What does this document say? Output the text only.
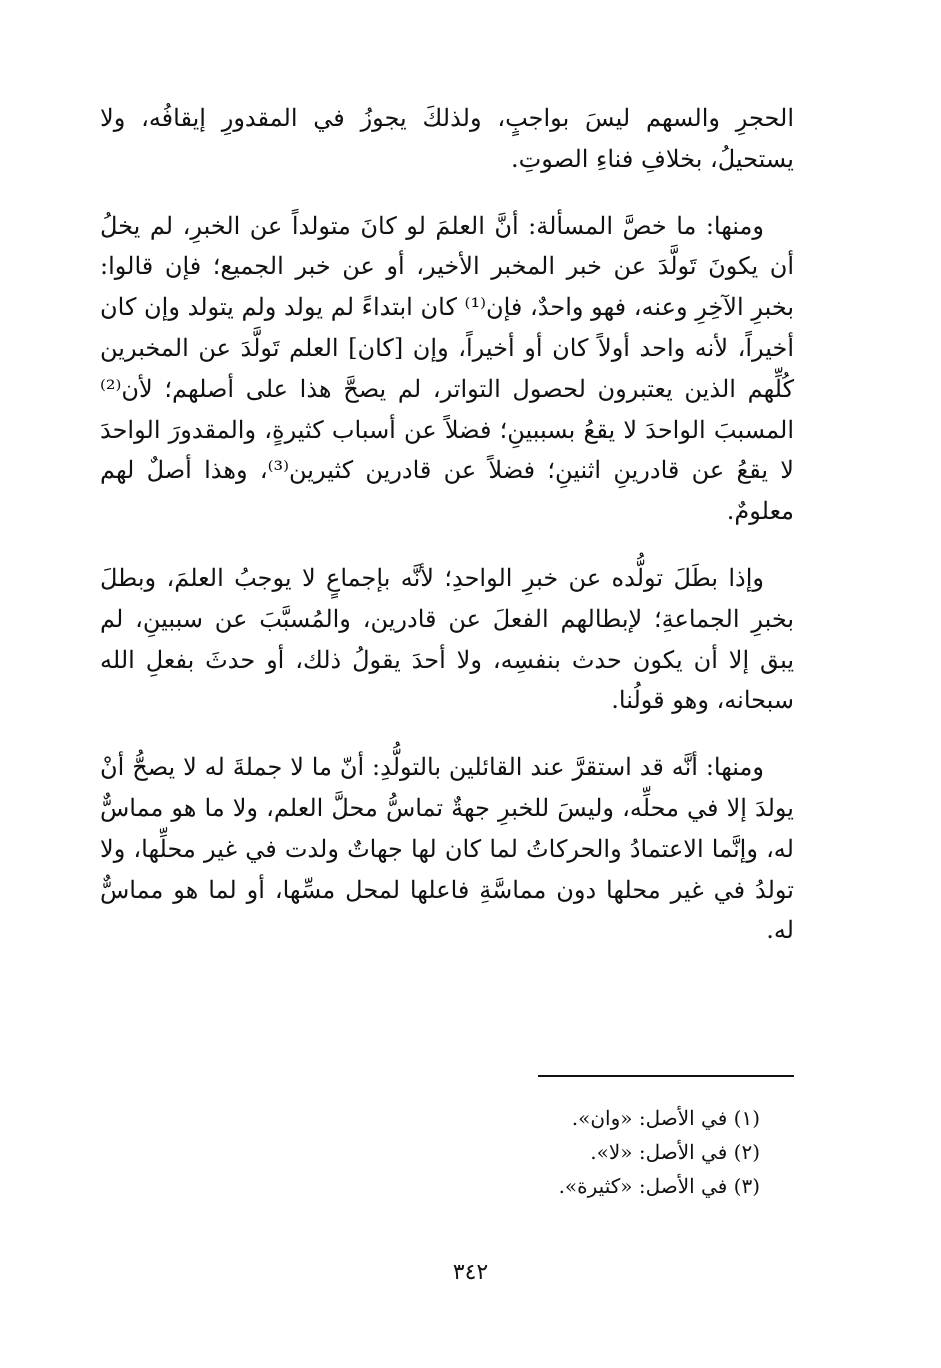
الحجرِ والسهم ليسَ بواجبٍ، ولذلكَ يجوزُ في المقدورِ إيقافُه، ولا يستحيلُ، بخلافِ فناءِ الصوتِ.

ومنها: ما خصَّ المسألة: أنَّ العلمَ لو كانَ متولداً عن الخبرِ، لم يخلُ أن يكونَ تَولَّدَ عن خبر المخبر الأخير، أو عن خبر الجميع؛ فإن قالوا: بخبرِ الآخِرِ وعنه، فهو واحدٌ، فإن⁽¹⁾ كان ابتداءً لم يولد ولم يتولد وإن كان أخيراً، لأنه واحد أولاً كان أو أخيراً، وإن [كان] العلم تَولَّدَ عن المخبرين كُلِّهم الذين يعتبرون لحصول التواتر، لم يصحَّ هذا على أصلهم؛ لأن⁽²⁾ المسببَ الواحدَ لا يقعُ بسببينِ؛ فضلاً عن أسباب كثيرةٍ، والمقدورَ الواحدَ لا يقعُ عن قادرينِ اثنينِ؛ فضلاً عن قادرين كثيرين⁽³⁾، وهذا أصلٌ لهم معلومٌ.

وإذا بطَلَ تولُّده عن خبرِ الواحدِ؛ لأنَّه بإجماعٍ لا يوجبُ العلمَ، وبطلَ بخبرِ الجماعةِ؛ لإبطالهم الفعلَ عن قادرين، والمُسبَّبَ عن سببينِ، لم يبق إلا أن يكون حدث بنفسِه، ولا أحدَ يقولُ ذلك، أو حدثَ بفعلِ الله سبحانه، وهو قولُنا.

ومنها: أنَّه قد استقرَّ عند القائلين بالتولُّدِ: أنّ ما لا جملةَ له لا يصحُّ أنْ يولدَ إلا في محلِّه، وليسَ للخبرِ جهةٌ تماسُّ محلَّ العلم، ولا ما هو مماسٌّ له، وإنَّما الاعتمادُ والحركاتُ لما كان لها جهاتٌ ولدت في غير محلِّها، ولا تولدُ في غير محلها دون مماسَّةِ فاعلها لمحل مسِّها، أو لما هو مماسٌّ له.

(١) في الأصل: «وان».

(٢) في الأصل: «لا».

(٣) في الأصل: «كثيرة».

٣٤٢
